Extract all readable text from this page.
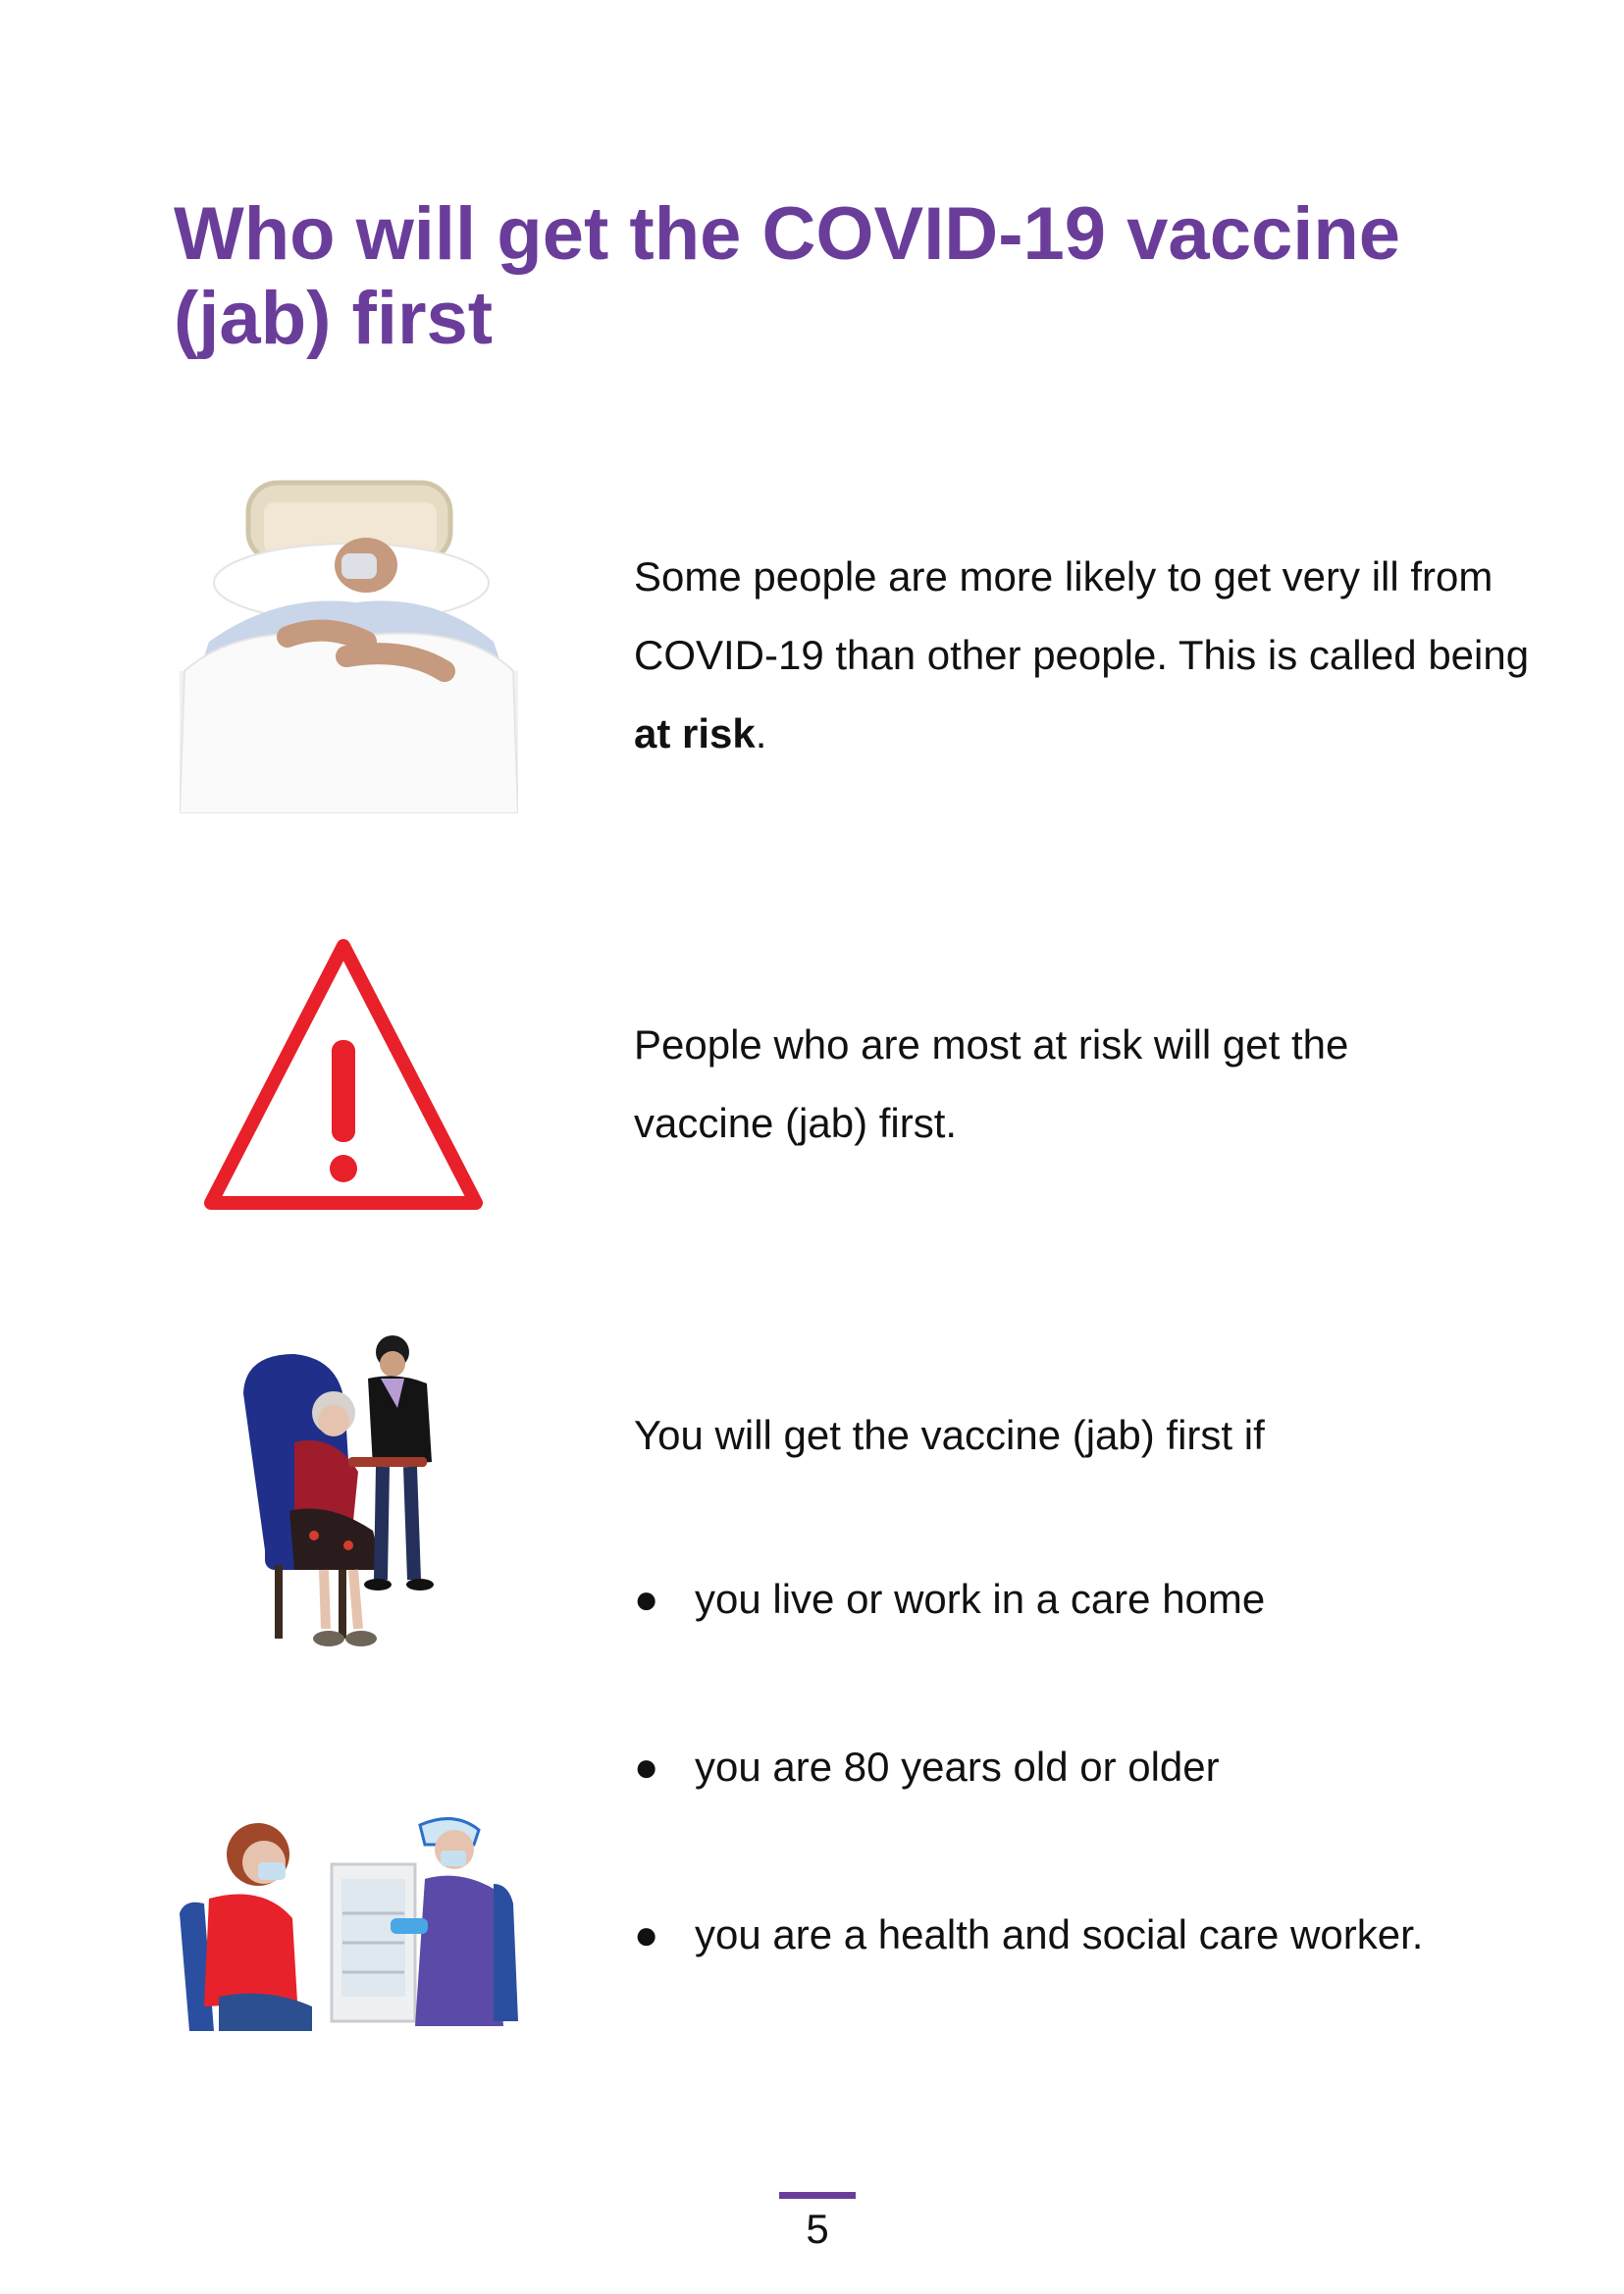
Who will get the COVID-19 vaccine (jab) first

Some people are more likely to get very ill from COVID-19 than other people. This is called being at risk.

People who are most at risk will get the vaccine (jab) first.

You will get the vaccine (jab) first if

● you live or work in a care home
● you are 80 years old or older
● you are a health and social care worker.
5
